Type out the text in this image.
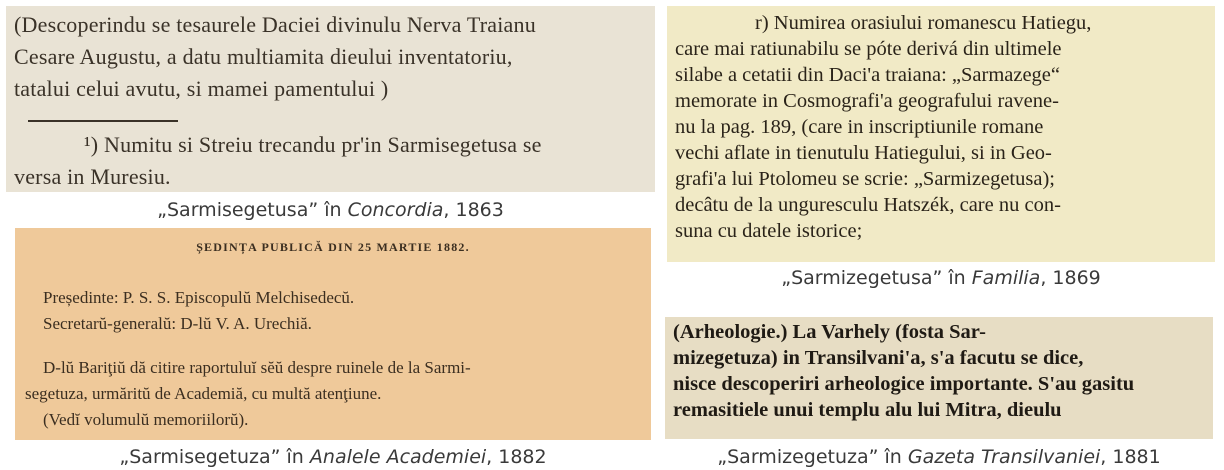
(Descoperindu se tesaurele Daciei divinulu Nerva Traianu
Cesare Augustu, a datu multiamita dieului inventatoriu,
tatalui celui avutu, si mamei pamentului )
¹) Numitu si Streiu trecandu pr'in Sarmisegetusa se
versa in Muresiu.
„Sarmisegetusa” în Concordia, 1863
ȘEDINȚA PUBLICĂ DIN 25 MARTIE 1882.
Președinte: P. S. S. Episcopulŭ Melchisedecŭ.
Secretarŭ-generalŭ: D-lŭ V. A. Urechiă.
D-lŭ Bariţiŭ dă citire raportuluĭ sĕŭ despre ruinele de la Sarmi-
segetuza, urmăritŭ de Academiă, cu multă atenţiune.
(Vedĭ volumulŭ memoriilorŭ).
„Sarmisegetuza” în Analele Academiei, 1882
r) Numirea orasiului romanescu Hatiegu,
care mai ratiunabilu se póte derivá din ultimele
silabe a cetatii din Daci'a traiana: „Sarmazege“
memorate in Cosmografi'a geografului ravene-
nu la pag. 189, (care in inscriptiunile romane
vechi aflate in tienutulu Hatiegului, si in Geo-
grafi'a lui Ptolomeu se scrie: „Sarmizegetusa);
decâtu de la unguresculu Hatszék, care nu con-
suna cu datele istorice;
„Sarmizegetusa” în Familia, 1869
(Arheologie.) La Varhely (fosta Sar-
mizegetuza) in Transilvani'a, s'a facutu se dice,
nisce descoperiri arheologice importante. S'au gasitu
remasitiele unui templu alu lui Mitra, dieulu
„Sarmizegetuza” în Gazeta Transilvaniei, 1881
